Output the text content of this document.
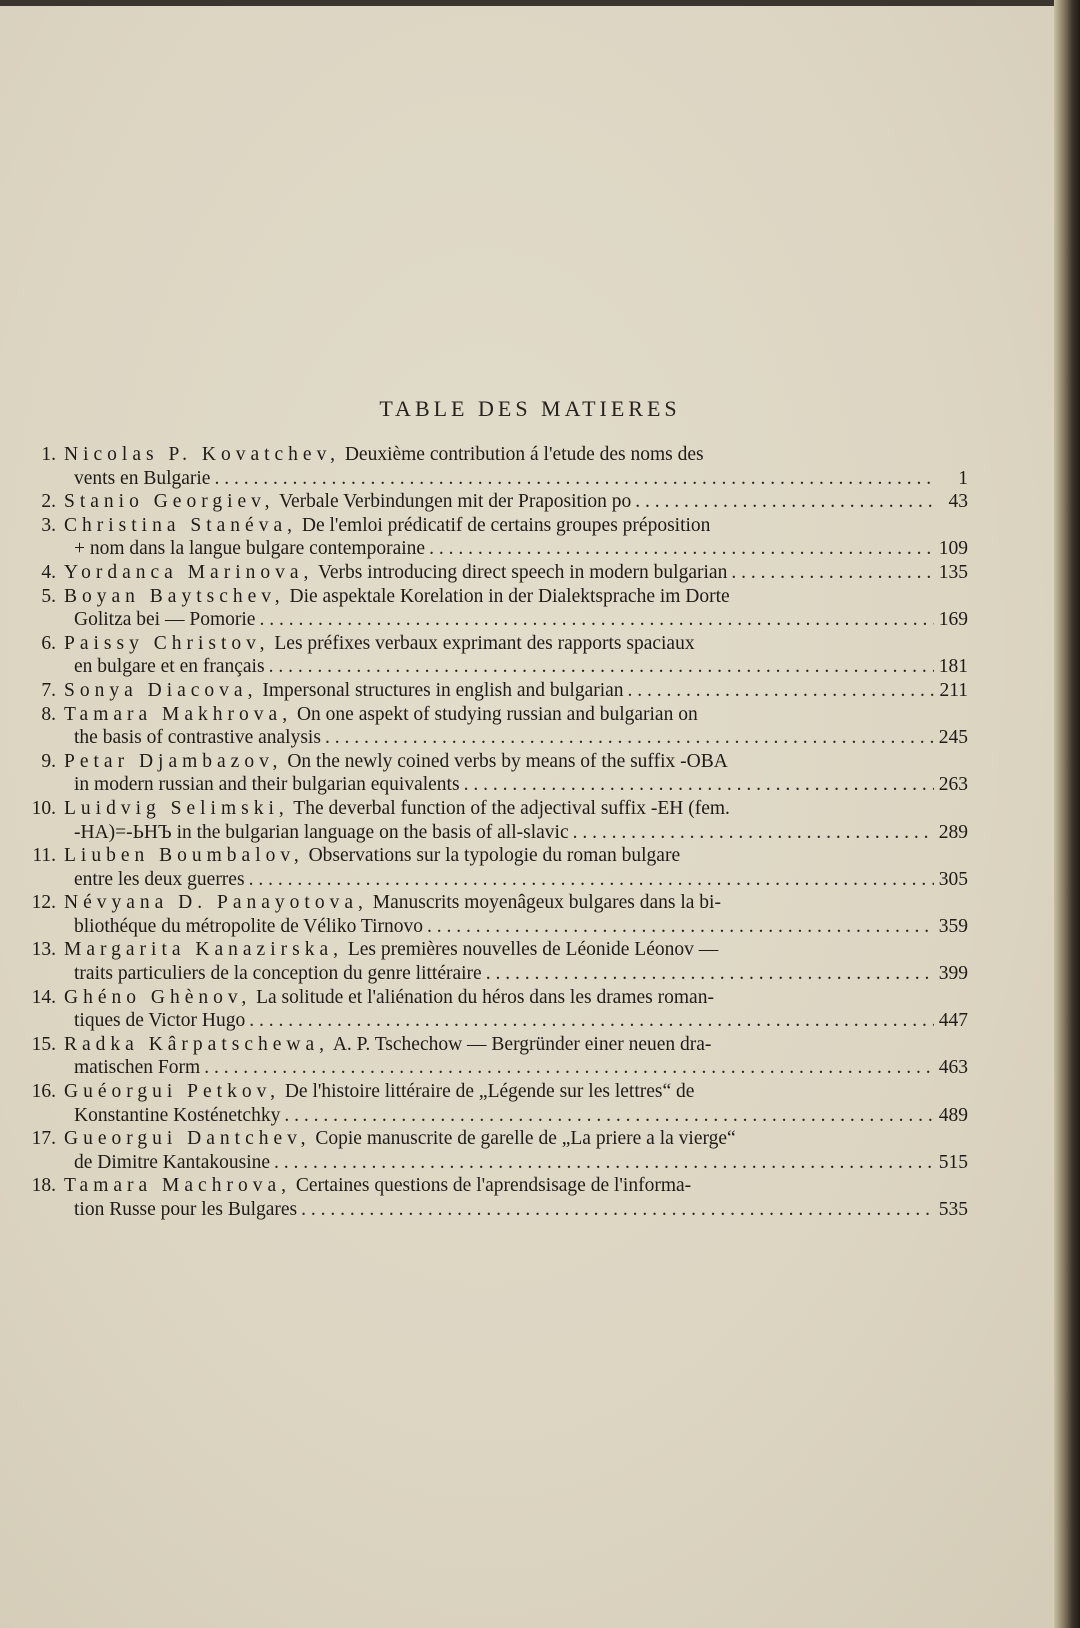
TABLE DES MATIERES
1. Nicolas P. Kovatchev, Deuxième contribution á l'etude des noms des
vents en Bulgarie . . .	1
2. Stanio Georgiev, Verbale Verbindungen mit der Praposition po . . .	43
3. Christina Stanéva, De l'emloi prédicatif de certains groupes préposition
+ nom dans la langue bulgare contemporaine . . .	109
4. Yordanca Marinova, Verbs introducing direct speech in modern bulgarian . . .	135
5. Boyan Baytschev, Die aspektale Korelation in der Dialektsprache im Dorte
Golitza bei — Pomorie . . .	169
6. Paissy Christov, Les préfixes verbaux exprimant des rapports spaciaux
en bulgare et en français . . .	181
7. Sonya Diacova, Impersonal structures in english and bulgarian . . .	211
8. Tamara Makhrova, On one aspekt of studying russian and bulgarian on
the basis of contrastive analysis . . .	245
9. Petar Djambazov, On the newly coined verbs by means of the suffix -OBA
in modern russian and their bulgarian equivalents . . .	263
10. Luidvig Selimski, The deverbal function of the adjectival suffix -EH (fem.
-HA)=-ЬНЪ in the bulgarian language on the basis of all-slavic . . .	289
11. Liuben Boumbalov, Observations sur la typologie du roman bulgare
entre les deux guerres . . .	305
12. Névyana D. Panayotova, Manuscrits moyenâgeux bulgares dans la bi-
bliothéque du métropolite de Véliko Tirnovo . . .	359
13. Margarita Kanazirska, Les premières nouvelles de Léonide Léonov —
traits particuliers de la conception du genre littéraire . . .	399
14. Ghéno Ghènov, La solitude et l'aliénation du héros dans les drames roman-
tiques de Victor Hugo . . .	447
15. Radka Kârpatschewa, A. P. Tschechow — Bergründer einer neuen dra-
matischen Form . . .	463
16. Guéorgui Petkov, De l'histoire littéraire de „Légende sur les lettres“ de
Konstantine Kosténetchky . . .	489
17. Gueorgui Dantchev, Copie manuscrite de garelle de „La priere a la vierge“
de Dimitre Kantakousine . . .	515
18. Tamara Machrova, Certaines questions de l'aprendsisage de l'informa-
tion Russe pour les Bulgares . . .	535
